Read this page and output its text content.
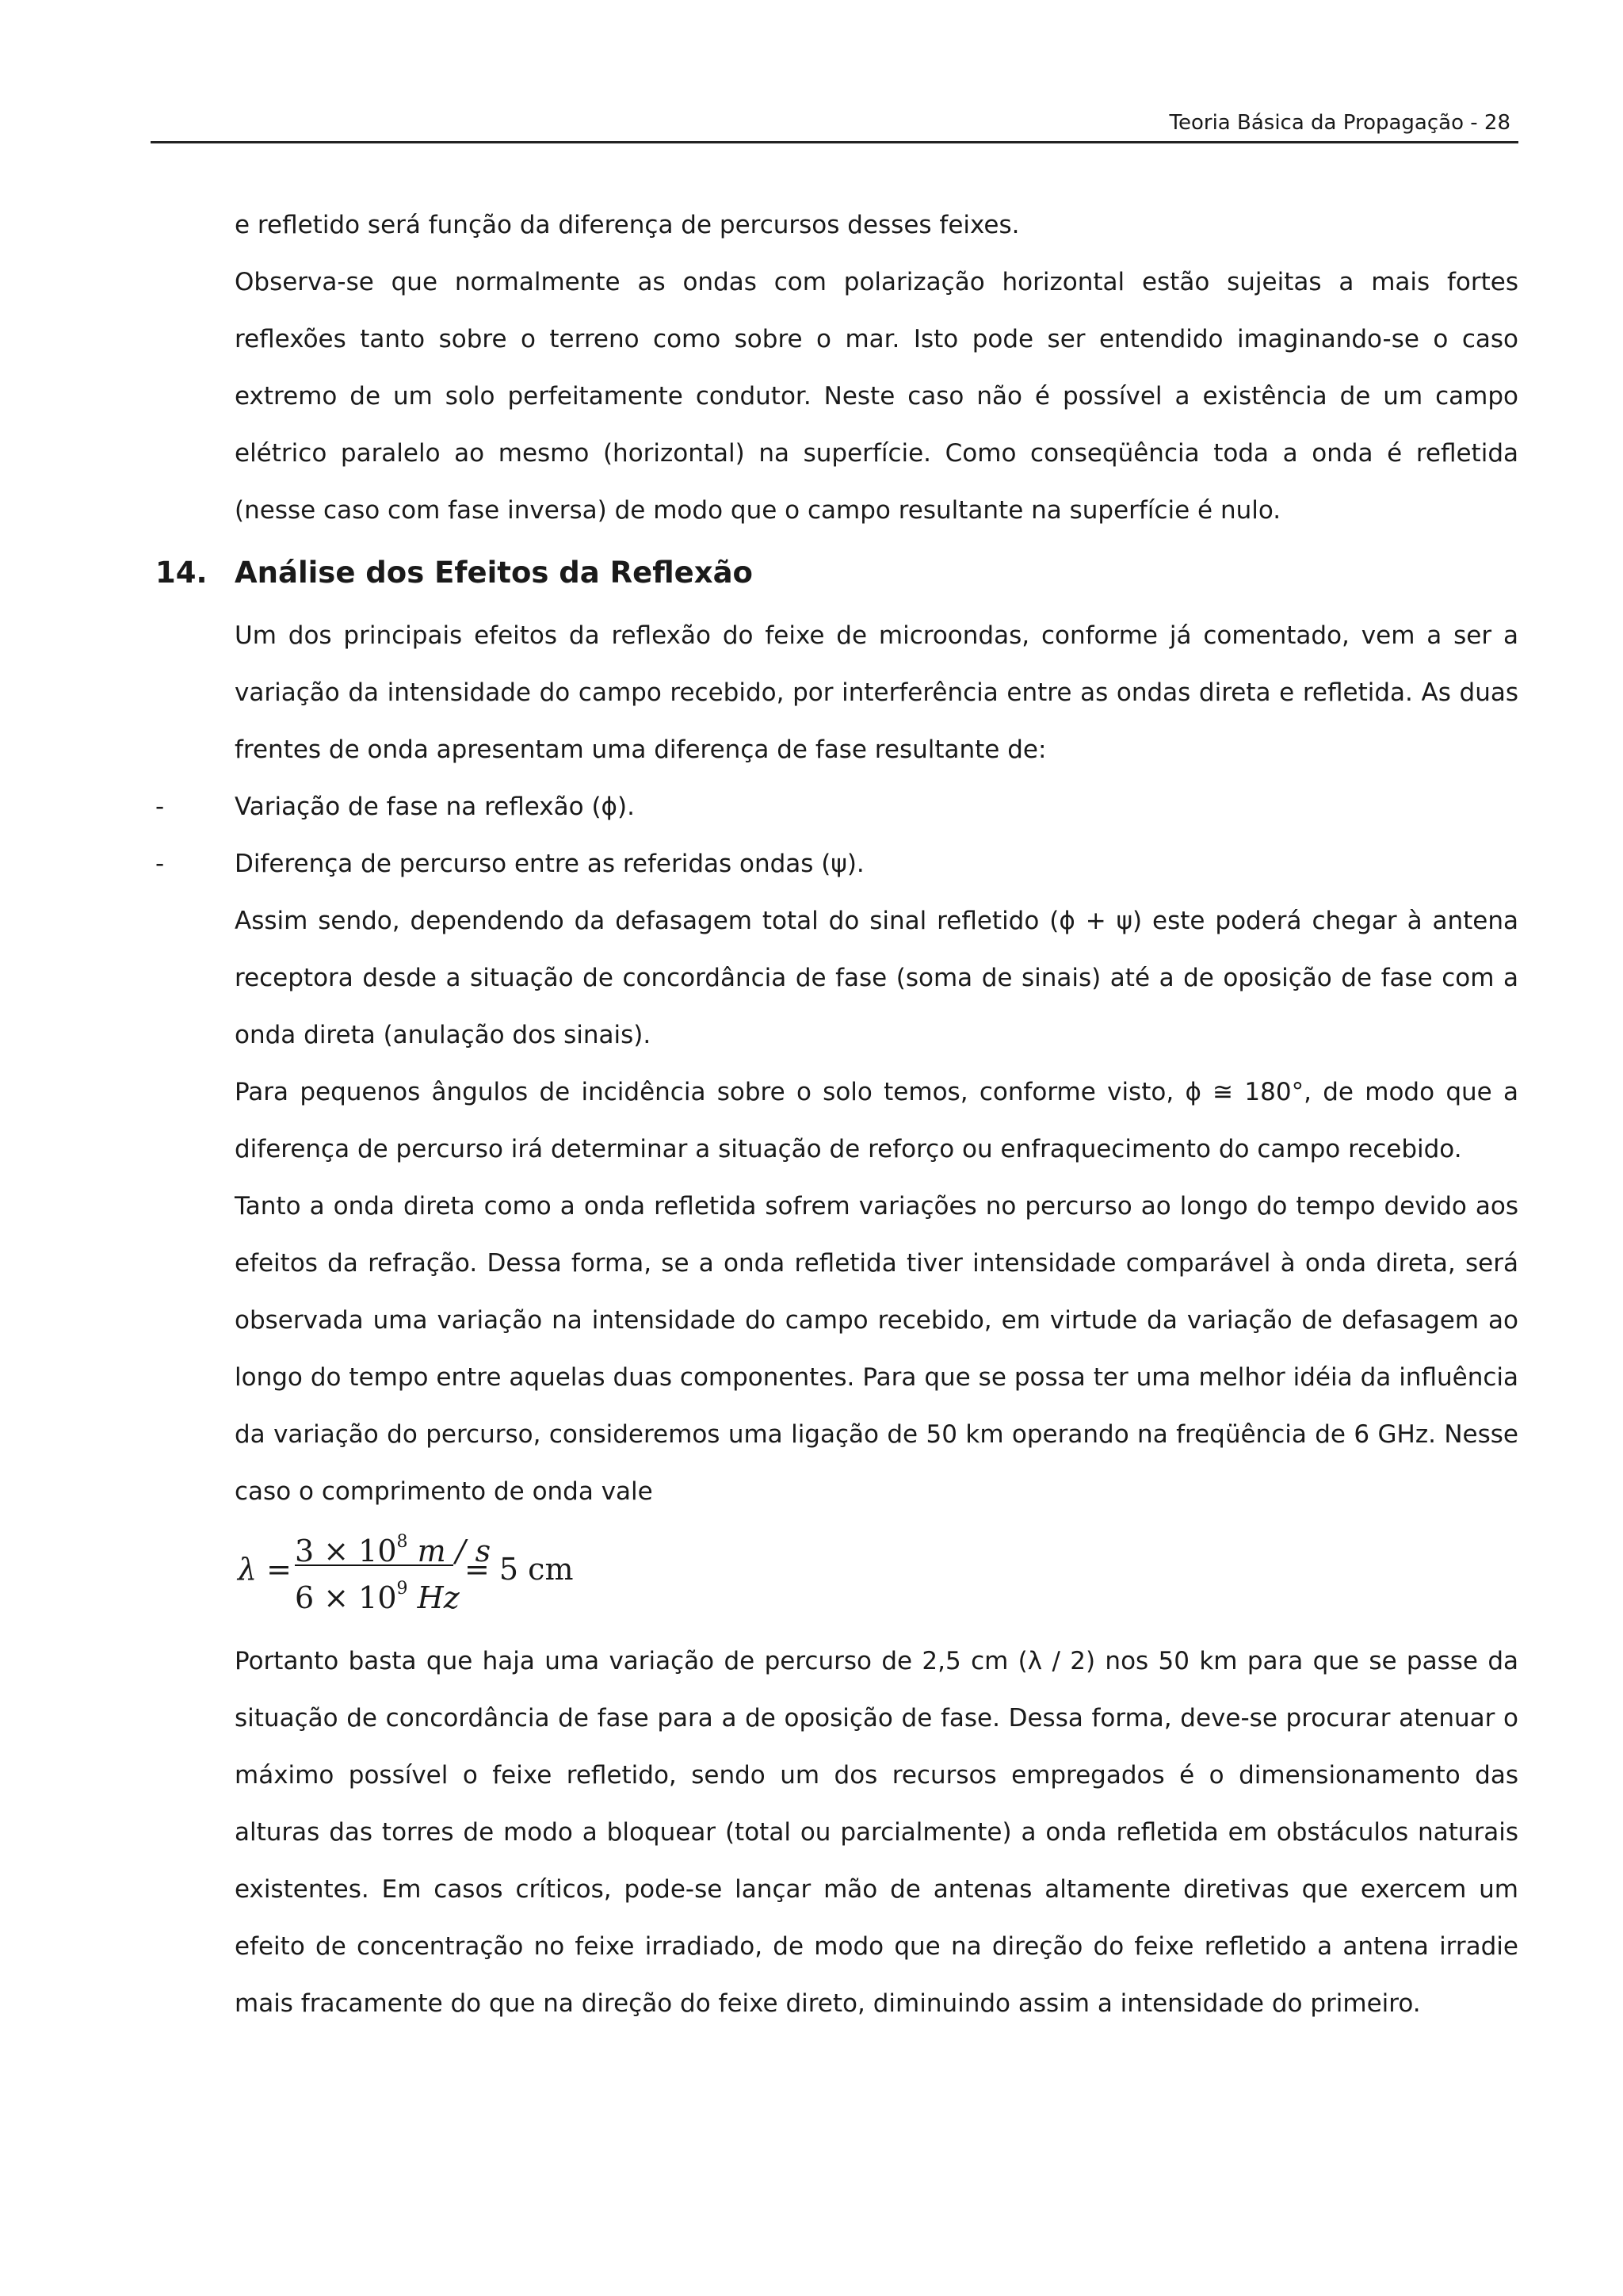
Teoria Básica da Propagação - 28

e refletido será função da diferença de percursos desses feixes.

Observa-se que normalmente as ondas com polarização horizontal estão sujeitas a mais fortes reflexões tanto sobre o terreno como sobre o mar. Isto pode ser entendido imaginando-se o caso extremo de um solo perfeitamente condutor. Neste caso não é possível a existência de um campo elétrico paralelo ao mesmo (horizontal) na superfície. Como conseqüência toda a onda é refletida (nesse caso com fase inversa) de modo que o campo resultante na superfície é nulo.

14. Análise dos Efeitos da Reflexão

Um dos principais efeitos da reflexão do feixe de microondas, conforme já comentado, vem a ser a variação da intensidade do campo recebido, por interferência entre as ondas direta e refletida. As duas frentes de onda apresentam uma diferença de fase resultante de:

-	Variação de fase na reflexão (ϕ).

-	Diferença de percurso entre as referidas ondas (ψ).

Assim sendo, dependendo da defasagem total do sinal refletido (ϕ + ψ) este poderá chegar à antena receptora desde a situação de concordância de fase (soma de sinais) até a de oposição de fase com a onda direta (anulação dos sinais).

Para pequenos ângulos de incidência sobre o solo temos, conforme visto, ϕ ≅ 180°, de modo que a diferença de percurso irá determinar a situação de reforço ou enfraquecimento do campo recebido.

Tanto a onda direta como a onda refletida sofrem variações no percurso ao longo do tempo devido aos efeitos da refração. Dessa forma, se a onda refletida tiver intensidade comparável à onda direta, será observada uma variação na intensidade do campo recebido, em virtude da variação de defasagem ao longo do tempo entre aquelas duas componentes. Para que se possa ter uma melhor idéia da influência da variação do percurso, consideremos uma ligação de 50 km operando na freqüência de 6 GHz. Nesse caso o comprimento de onda vale

$\lambda = \frac{3 \times 10^8 m / s}{6 \times 10^9 Hz} = 5$ cm

Portanto basta que haja uma variação de percurso de 2,5 cm (λ / 2) nos 50 km para que se passe da situação de concordância de fase para a de oposição de fase. Dessa forma, deve-se procurar atenuar o máximo possível o feixe refletido, sendo um dos recursos empregados é o dimensionamento das alturas das torres de modo a bloquear (total ou parcialmente) a onda refletida em obstáculos naturais existentes. Em casos críticos, pode-se lançar mão de antenas altamente diretivas que exercem um efeito de concentração no feixe irradiado, de modo que na direção do feixe refletido a antena irradie mais fracamente do que na direção do feixe direto, diminuindo assim a intensidade do primeiro.
